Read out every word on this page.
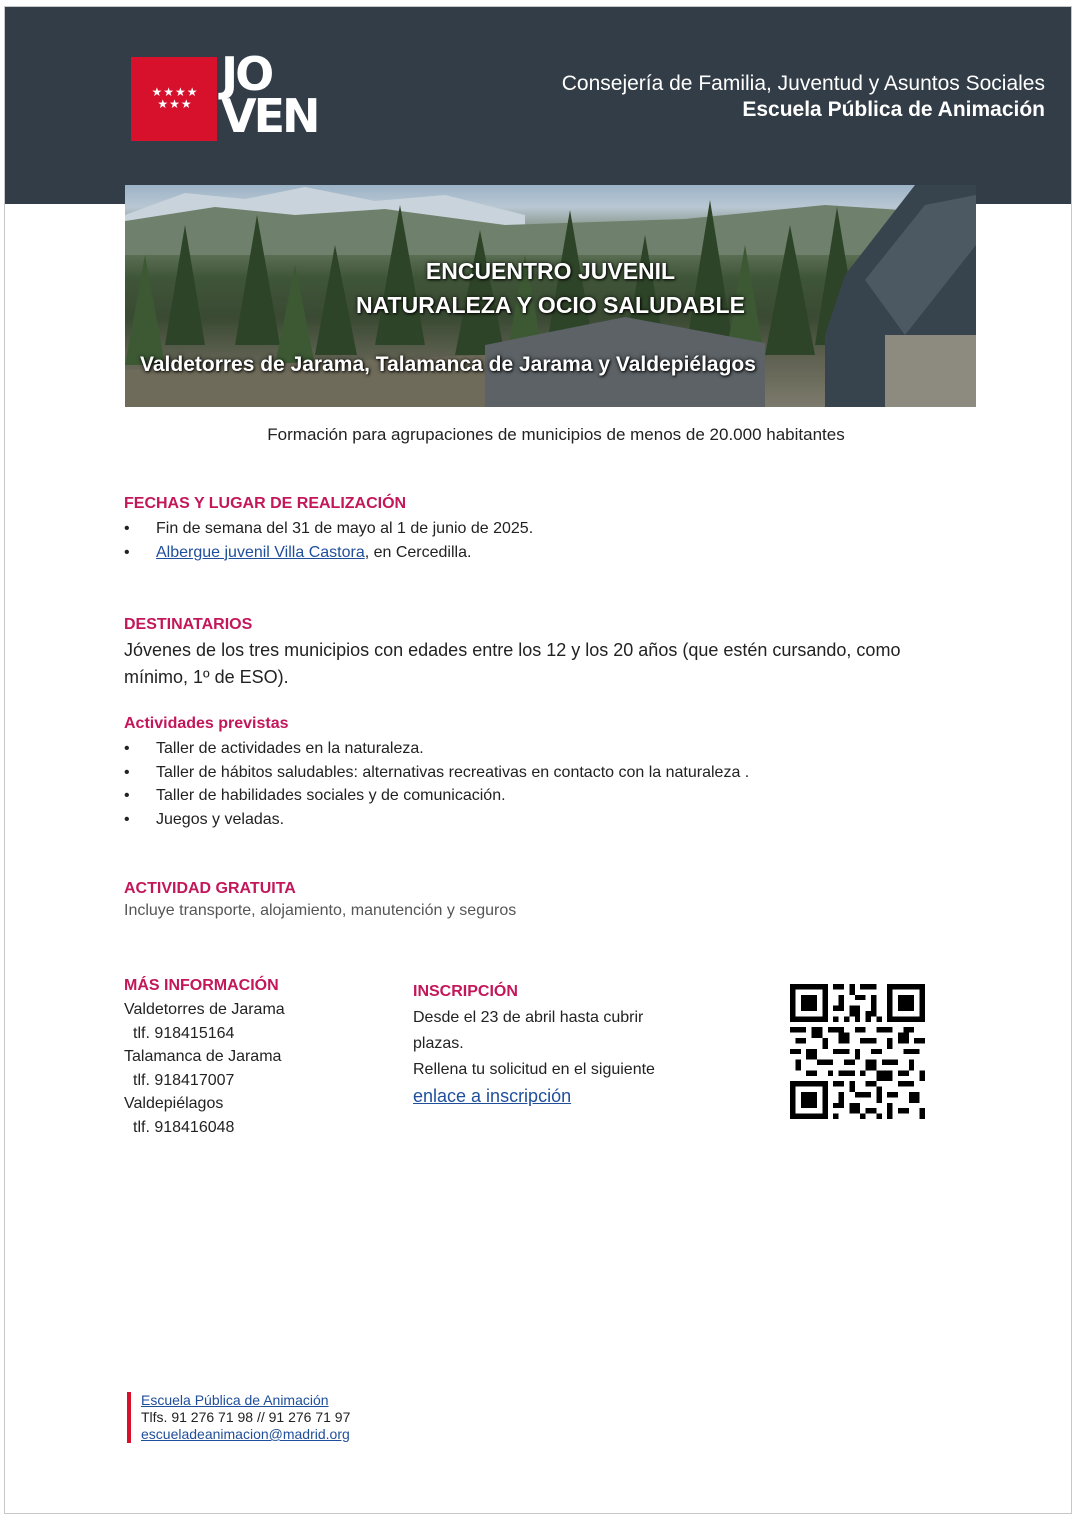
★★★★ ★★★
JO
VEN
Consejería de Familia, Juventud y Asuntos Sociales
Escuela Pública de Animación
ENCUENTRO JUVENIL
NATURALEZA Y OCIO SALUDABLE
Valdetorres de Jarama, Talamanca de Jarama y Valdepiélagos
Formación para agrupaciones de municipios de menos de 20.000 habitantes

FECHAS Y LUGAR DE REALIZACIÓN

• Fin de semana del 31 de mayo al 1 de junio de 2025.
• Albergue juvenil Villa Castora, en Cercedilla.

DESTINATARIOS

Jóvenes de los tres municipios con edades entre los 12 y los 20 años (que estén cursando, como
mínimo, 1º de ESO).

Actividades previstas

• Taller de actividades en la naturaleza.
• Taller de hábitos saludables: alternativas recreativas en contacto con la naturaleza .
• Taller de habilidades sociales y de comunicación.
• Juegos y veladas.

ACTIVIDAD GRATUITA

Incluye transporte, alojamiento, manutención y seguros

MÁS INFORMACIÓN

Valdetorres de Jarama
tlf. 918415164
Talamanca de Jarama
tlf. 918417007
Valdepiélagos
tlf. 918416048

INSCRIPCIÓN

Desde el 23 de abril hasta cubrir

plazas.

Rellena tu solicitud en el siguiente

enlace a inscripción

Escuela Pública de Animación
Tlfs. 91 276 71 98 // 91 276 71 97
escueladeanimacion@madrid.org
